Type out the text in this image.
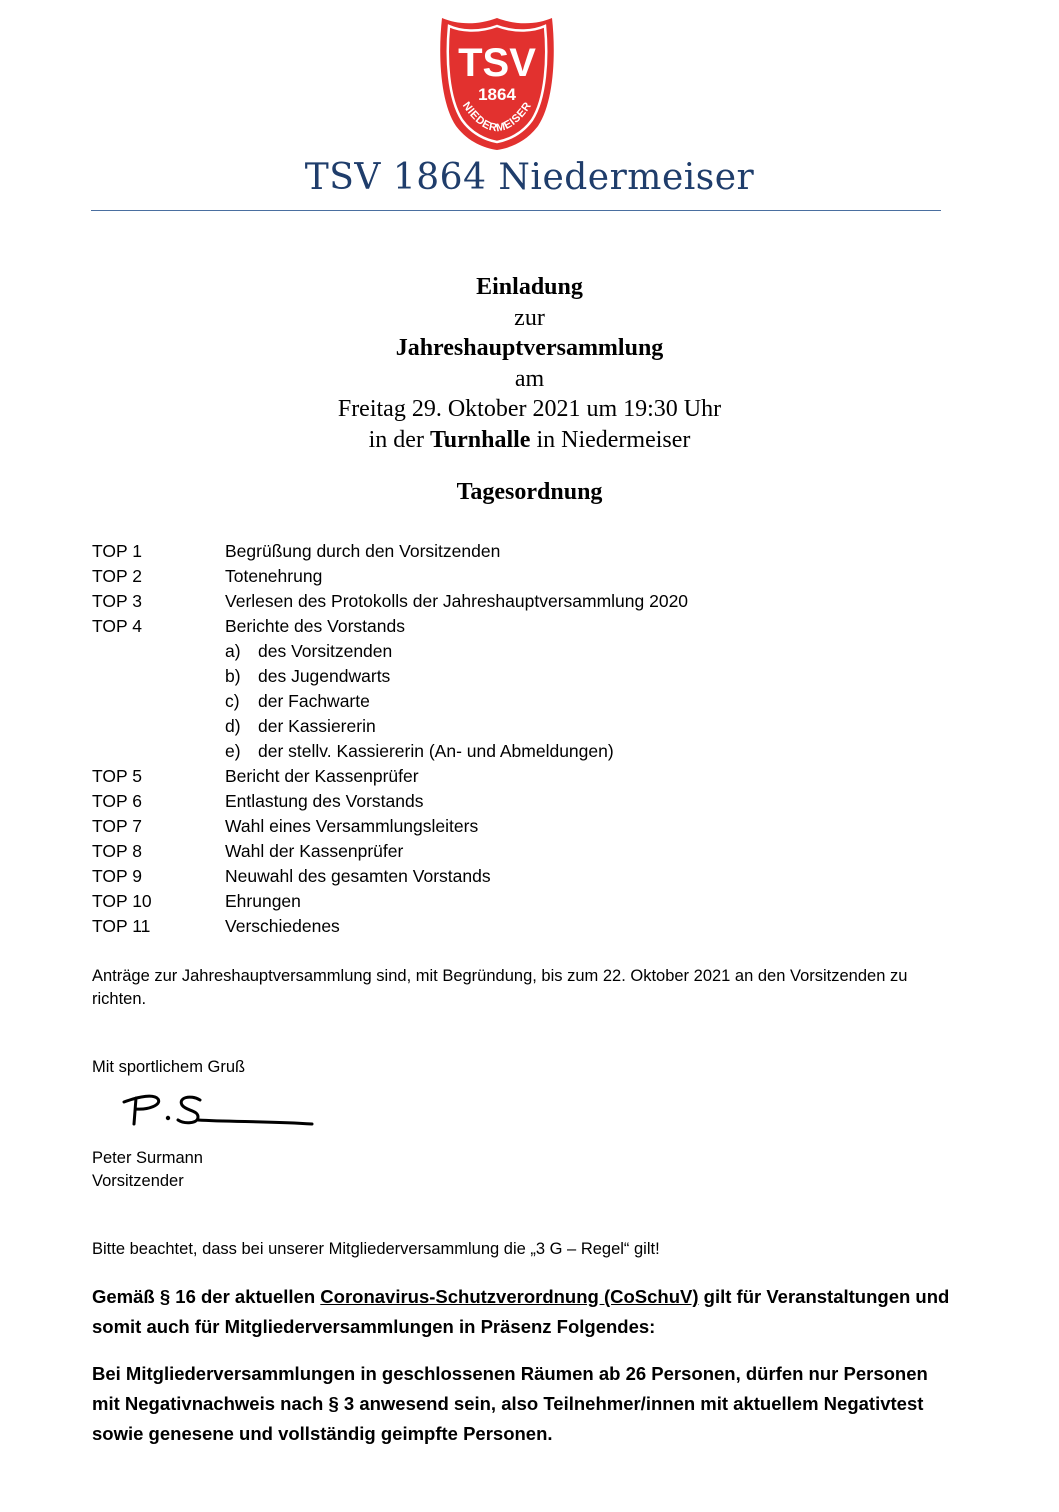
TSV
1864
NIEDERMEISER
TSV 1864 Niedermeiser
Einladung
zur
Jahreshauptversammlung
am
Freitag 29. Oktober 2021 um 19:30 Uhr
in der Turnhalle in Niedermeiser
Tagesordnung
TOP 1	Begrüßung durch den Vorsitzenden
TOP 2	Totenehrung
TOP 3	Verlesen des Protokolls der Jahreshauptversammlung 2020
TOP 4	Berichte des Vorstands
a) des Vorsitzenden
b) des Jugendwarts
c)	der Fachwarte
d) der Kassiererin
e) der stellv. Kassiererin (An- und Abmeldungen)
TOP 5	Bericht der Kassenprüfer
TOP 6	Entlastung des Vorstands
TOP 7	Wahl eines Versammlungsleiters
TOP 8	Wahl der Kassenprüfer
TOP 9	Neuwahl des gesamten Vorstands
TOP 10	Ehrungen
TOP 11	Verschiedenes
Anträge zur Jahreshauptversammlung sind, mit Begründung, bis zum 22. Oktober 2021 an den Vorsitzenden zu richten.
Mit sportlichem Gruß
Peter Surmann
Vorsitzender
Bitte beachtet, dass bei unserer Mitgliederversammlung die „3 G – Regel“ gilt!
Gemäß § 16 der aktuellen Coronavirus-Schutzverordnung (CoSchuV) gilt für Veranstaltungen und somit auch für Mitgliederversammlungen in Präsenz Folgendes:
Bei Mitgliederversammlungen in geschlossenen Räumen ab 26 Personen, dürfen nur Personen mit Negativnachweis nach § 3 anwesend sein, also Teilnehmer/innen mit aktuellem Negativtest sowie genesene und vollständig geimpfte Personen.
